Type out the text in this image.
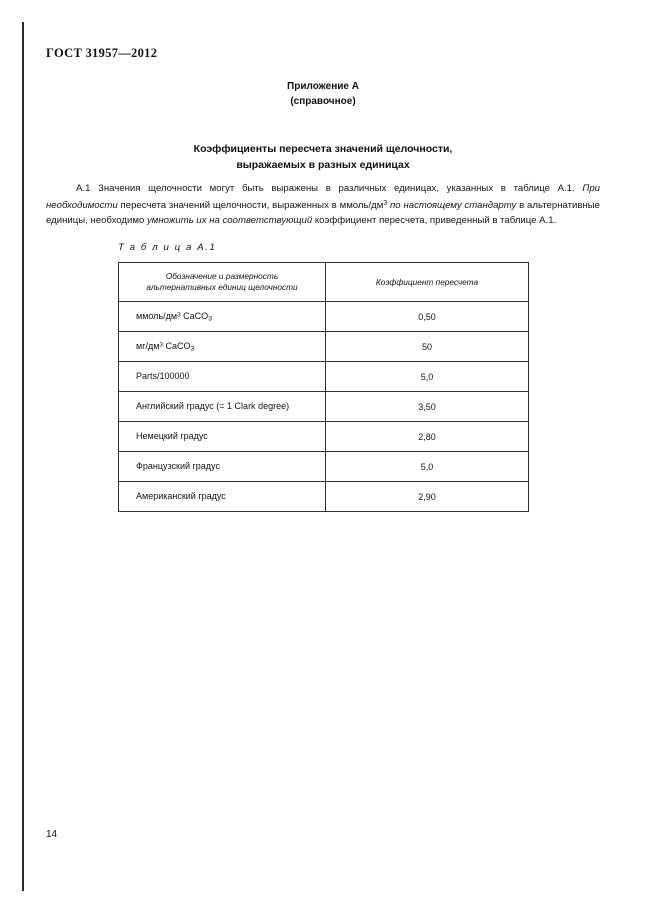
ГОСТ 31957—2012
Приложение А
(справочное)
Коэффициенты пересчета значений щелочности,
выражаемых в разных единицах
А.1 Значения щелочности могут быть выражены в различных единицах, указанных в таблице А.1. При необходимости пересчета значений щелочности, выраженных в ммоль/$дм^3$ по настоящему стандарту в альтернативные единицы, необходимо умножить их на соответствующий коэффициент пересчета, приведенный в таблице А.1.
Т а б л и ц а А.1
Обозначение и размерность
альтернативных единиц щелочности	Коэффициент пересчета
ммоль/$дм^3$ CaCO$_3$	0,50
$мг/дм^3$ CaCO$_3$	50
Parts/100000	5,0
Английский градус (= 1 Clark degree)	3,50
Немецкий градус	2,80
Французский градус	5,0
Американский градус	2,90
14
